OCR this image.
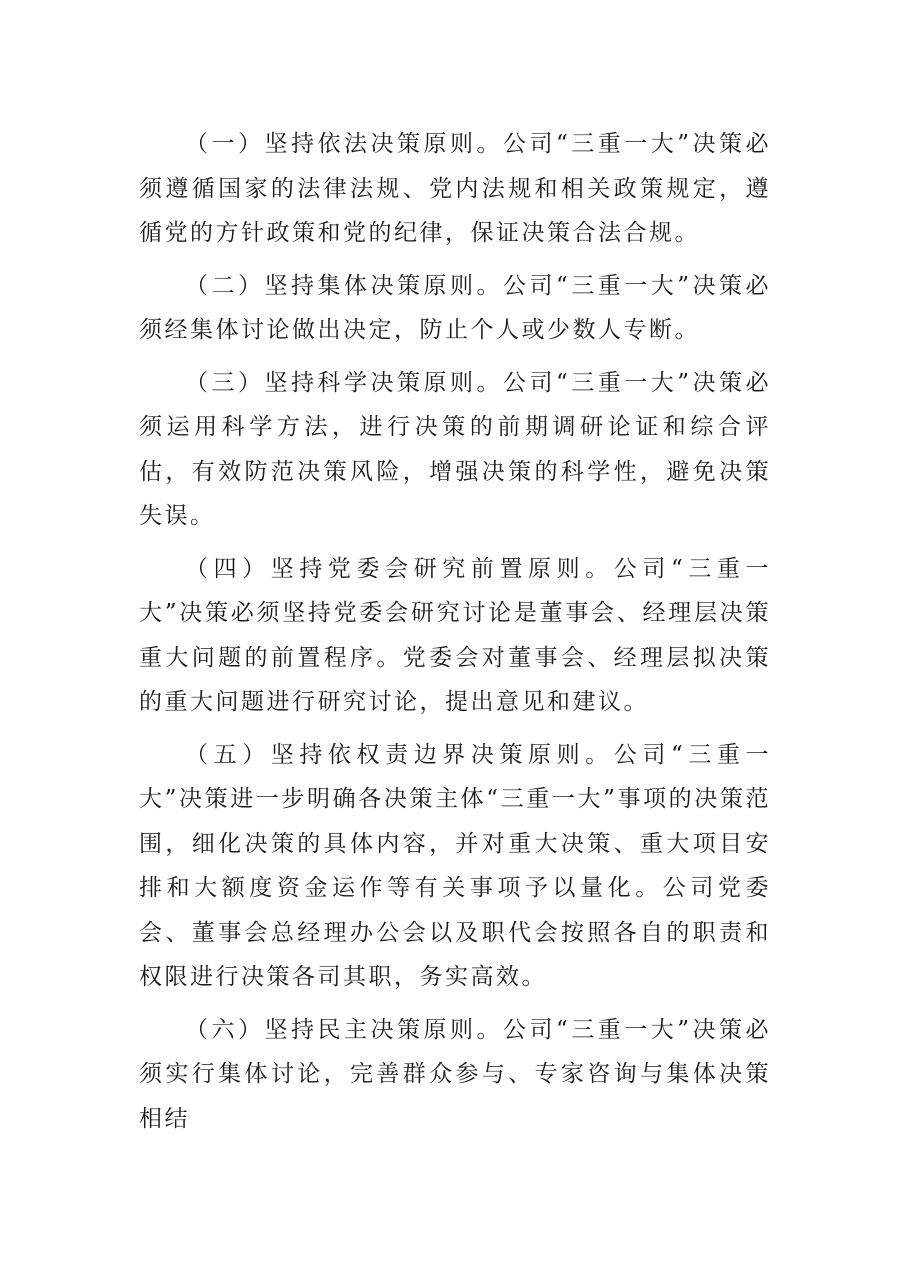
（一）坚持依法决策原则。公司“三重一大”决策必须遵循国家的法律法规、党内法规和相关政策规定，遵循党的方针政策和党的纪律，保证决策合法合规。

（二）坚持集体决策原则。公司“三重一大”决策必须经集体讨论做出决定，防止个人或少数人专断。

（三）坚持科学决策原则。公司“三重一大”决策必须运用科学方法，进行决策的前期调研论证和综合评估，有效防范决策风险，增强决策的科学性，避免决策失误。

（四）坚持党委会研究前置原则。公司“三重一大”决策必须坚持党委会研究讨论是董事会、经理层决策重大问题的前置程序。党委会对董事会、经理层拟决策的重大问题进行研究讨论，提出意见和建议。

（五）坚持依权责边界决策原则。公司“三重一大”决策进一步明确各决策主体“三重一大”事项的决策范围，细化决策的具体内容，并对重大决策、重大项目安排和大额度资金运作等有关事项予以量化。公司党委会、董事会总经理办公会以及职代会按照各自的职责和权限进行决策各司其职，务实高效。

（六）坚持民主决策原则。公司“三重一大”决策必须实行集体讨论，完善群众参与、专家咨询与集体决策相结
